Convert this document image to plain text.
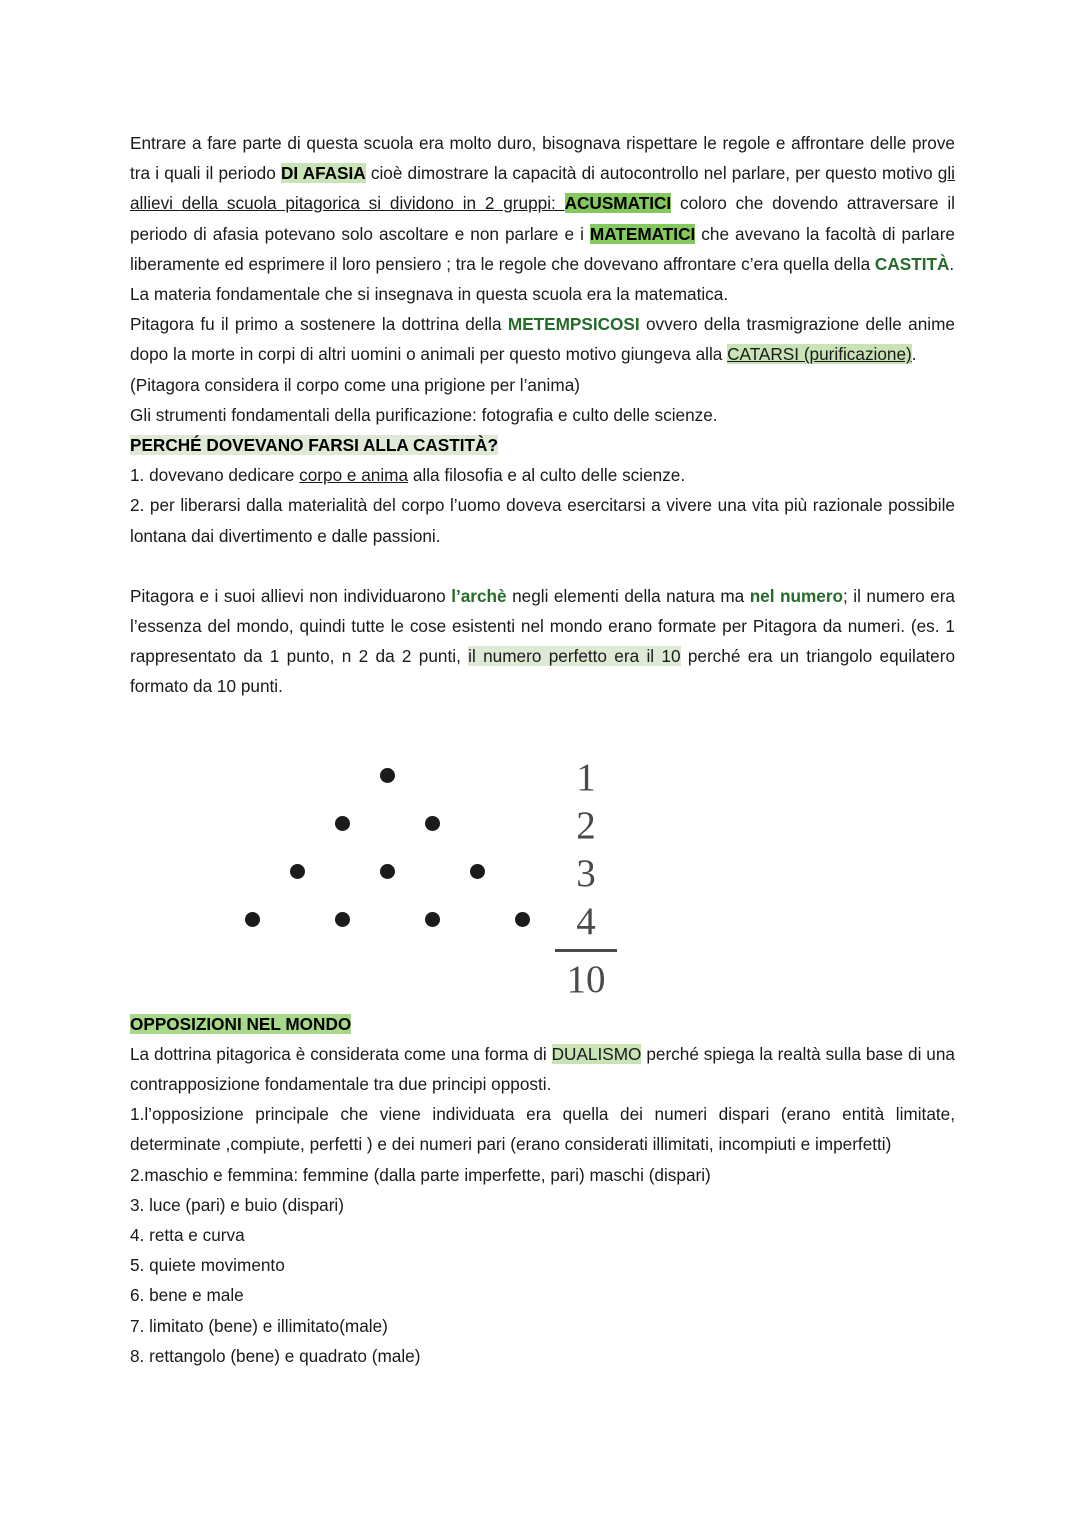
Entrare a fare parte di questa scuola era molto duro, bisognava rispettare le regole e affrontare delle prove tra i quali il periodo DI AFASIA cioè dimostrare la capacità di autocontrollo nel parlare, per questo motivo gli allievi della scuola pitagorica si dividono in 2 gruppi: ACUSMATICI coloro che dovendo attraversare il periodo di afasia potevano solo ascoltare e non parlare e i MATEMATICI che avevano la facoltà di parlare liberamente ed esprimere il loro pensiero ; tra le regole che dovevano affrontare c’era quella della CASTITÀ.

La materia fondamentale che si insegnava in questa scuola era la matematica.

Pitagora fu il primo a sostenere la dottrina della METEMPSICOSI ovvero della trasmigrazione delle anime dopo la morte in corpi di altri uomini o animali per questo motivo giungeva alla CATARSI (purificazione).

(Pitagora considera il corpo come una prigione per l’anima)

Gli strumenti fondamentali della purificazione: fotografia e culto delle scienze.

PERCHÉ DOVEVANO FARSI ALLA CASTITÀ?

1. dovevano dedicare corpo e anima alla filosofia e al culto delle scienze.

2. per liberarsi dalla materialità del corpo l’uomo doveva esercitarsi a vivere una vita più razionale possibile lontana dai divertimento e dalle passioni.

Pitagora e i suoi allievi non individuarono l’archè negli elementi della natura ma nel numero; il numero era l’essenza del mondo, quindi tutte le cose esistenti nel mondo erano formate per Pitagora da numeri. (es. 1 rappresentato da 1 punto, n 2 da 2 punti, il numero perfetto era il 10 perché era un triangolo equilatero formato da 10 punti.

1
2
3
4
10

OPPOSIZIONI NEL MONDO

La dottrina pitagorica è considerata come una forma di DUALISMO perché spiega la realtà sulla base di una contrapposizione fondamentale tra due principi opposti.

1.l’opposizione principale che viene individuata era quella dei numeri dispari (erano entità limitate, determinate ,compiute, perfetti ) e dei numeri pari (erano considerati illimitati, incompiuti e imperfetti)

2.maschio e femmina: femmine (dalla parte imperfette, pari) maschi (dispari)

3. luce (pari) e buio (dispari)

4. retta e curva

5. quiete movimento

6. bene e male

7. limitato (bene) e illimitato(male)

8. rettangolo (bene) e quadrato (male)
